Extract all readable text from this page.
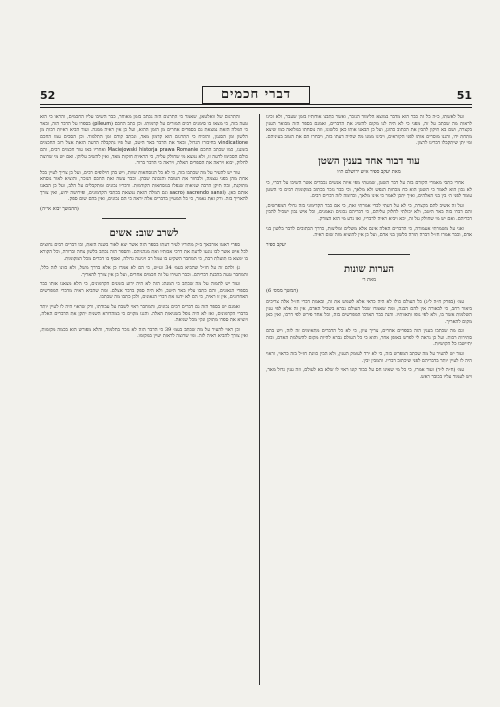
52	דברי חכמים	51

ועל לאשתו, כ״ה כל זה כבר הוא מדבר במוצא הלימוד הנזכר, ואשר כתבנו אודותיו בזמן שעבר, ולא זכינו לראות מה שכתב על זה, מפני כי לא היה לנו מקום להשיג את הדברים, ואמנם בספר הזה מבואר הענין בקצרה, ושם בא תיקון להבין את הכתוב כהוגן, ועל כן הבאנו אותו כאן כלשונו, וזה נוסחתו במלואה כמו שיצא מתחת ידו, והננו מוסרים אותו לפני הקוראים, ויבינו ממנו מה שהיה דעתו בזה, ויבחרו הם את הטוב בעיניהם. ומי יתן שיתקבלו דברינו לרצון.

עוד דבור אחד בענין השטן
מאת יעקב ספיר איש ירושלם ת״ו

אחרי כתבי מאמרי הקודם בזה על דבר השטן, שמעתי מפי איזה אנשים נכבדים אשר השיבו על דברי, כי לא נכון הוא לאמר כי השטן הוא כח מכחות הנפש ולא מלאך, וכי כבר נזכר בכתוב במקומות רבים כי השטן עומד לפני ה׳ בין בני האלהים, ואיך יתכן לאמר כי אינו מלאך, וכדומה לזה דברים רבים.

ועל זה אשיב להם בקצרה, כי לא על דעתי לבדי אמרתי זאת, כי אם כבר הקדימוני בזה גדולי המפרשים, והם דברו בזה באר היטב, ולא יכולתי לחלוק עליהם, כי דבריהם נכונים ונאמנים, וכל איש נבון ישכיל להבין דבריהם. ואם יש מי שחולק על זה, יבא ויביא ראיה לדבריו, ואז נדע מי הוא הצודק.

ואני על משמרתי אעמודה, כי הדברים האלה אינם אלא משלים ומליצות, כדרך הכתובים לדבר בלשון בני אדם, וכבר אמרו חז״ל דברה תורה כלשון בני אדם, ועל כן אין להוציא מזה שום ראיה.

יעקב ספיר
הערות שונות
מאת ר׳
(המשך ממס׳ 6)

עמ׳ (בפרק ח״ה ל״ג) כל העולם כולו לא היה כדאי אלא לשמש את זה, ובאמת דברי חז״ל אלה צריכים ביאור רחב, כי לכאורה אין להם הבנה, ומה שאמרו שכל העולם נברא בשביל האדם, אין זה אלא לפי ענין השלמות אשר בו, ולא לפי גופו ותאוותיו. והנה כבר הארכו המפרשים בזה, וכל אחד פירש לפי דרכו, ואין כאן מקום להאריך.

וגם מה שכתבו בענין הזה בספרים אחרים, צריך עיון, כי לא כל הדברים מתאימים זה לזה, ויש בהם סתירות רבות. ועל כן נראה לי לפרש באופן אחר, והוא כי כל העולם נברא להיות מקום להשלמת האדם, ובזה יתיישבו כל הקושיות.

ועוד יש להעיר על מה שכתב המפרש בזה, כי לא ירד לעומק הענין, ולא הבין כוונת חז״ל בזה כראוי, וראוי היה לו לעיין יותר בדבריהם לפני שיכתוב דבריו. והמבין יבין.

עמ׳ (ח״ה ל״ד) ועוד אמרו, כי כל מי שאינו חס על כבוד קונו ראוי לו שלא בא לעולם, וזה ענין גדול מאד, ויש לעמוד עליו בכובד ראש.

והתרגום של וואלטאן, שאמר כי התרגום הזה נכתב בזמן מאוחר, כבר השיבו עליו החכמים, והראו כי הוא טעה בזה, כי מצאו בו סימנים רבים המורים על קדמותו. וכן כתב החכם (pileum) בספרו על הדבר הזה, ובאר כי המלה הזאת נמצאת גם בספרים אחרים מן הזמן ההוא, ועל כן אין ראיה ממנה. ועוד הביא ראיות רבות מן הלשון ומן הסגנון, והוכיח כי התרגום הוא קדמון מאד, ונכתב קודם זמן התלמוד. וכן הסכים עמו החכם vindicatione בחיבורו הגדול, ובאר את הדבר באר היטב, ועל פיו נתקבלה הדעה הזאת אצל רוב החכמים בזמננו, כמו שכתב החכם Maciejowski historja prawa Romanie ואחריו באו עוד חכמים רבים, והם כולם הסכימו לדעה זו, ולא נמצא מי שחולק עליה, כי הראיות חזקות מאד, ואין להשיב עליהן. ואם יש מי שרוצה לחלוק, יבוא ויראה את הספרים האלה, ויראה כי הדבר ברור.

עוד יש להעיר על מה שכתבו בזה, כי לא כל הנוסחאות שוות, ויש בהן חילופים רבים, ועל כן צריך לעיין בכל אחת מהן בפני עצמה, ולבחור את הטובה והנכונה שבהן. וכבר עשה זאת החכם הנזכר, והוציא לאור נוסחא מתוקנת, ובה תיקן הרבה שגיאות שנפלו בנוסחאות הקודמות. ודבריו נכונים ומתקבלים על הלב, ועל כן הבאנו אותם כאן. (sacro) sacrendo sanxi וגם המלה הזאת נמצאת בכתבי הקדמונים, ופירושה ידוע, ואין צורך להאריך בזה. ורק זאת נאמר, כי כל המעיין בדברים אלה יראה כי הם נכונים, ואין בהם שום ספק.

(ההמשך יבוא אי״ה)
לשרב שוב: אשים

ספרי ראטו אורבאך ב״ק מהוריו לעיר דעתו בספר הזה אשר יצא לאור בשנה הזאת, ובו דברים רבים נחוצים לכל איש אשר לבו נוגעו לדעת את דרכי אבותיו ואת מנהגיהם. והספר הזה נכתב בלשון צחה וברורה, וכל הקורא בו ימצא בו תועלת רבה, כי המחבר השקיע בו עמל רב ויגיעה גדולה, ואסף בו דברים מכל המקומות.

ג) ולהם זה על חז״ל שהביא בעמ׳ 34 וע״ש, כי הם לא אמרו כן אלא בדרך משל, ולא כוונו לזה כלל, והמחבר טעה בהבנת דבריהם. וכבר העירו על זה חכמים אחרים, ועל כן אין צורך להאריך.

ועוד יש לתמוה על מה שכתב כי המנהג הזה לא היה ידוע בזמנים הקדמונים, כי הלא מצאנו אותו כבר בספרי הגאונים, והם כתבו עליו באר היטב, ולא היה ספק בדבר אצלם. ומה שהביא ראיה מדברי המפרשים האחרונים, אין זו ראיה, כי הם לא ידעו את דברי הגאונים, ולכן כתבו מה שכתבו.

ואמנם יש בספר הזה גם דברים רבים נכונים, והמחבר ראוי לשבח על עבודתו, ורק שראוי היה לו לעיין יותר בדברי הקדמונים, ואז לא היה נופל בשגיאות האלה. והננו מקוים כי במהדורא השנית יתקן את הדברים האלה, ויוציא את ספרו מתוקן ונקי מכל שגיאה.

וכן ראוי להעיר על מה שכתב בעמ׳ 39 כי הדבר הזה לא נזכר בתלמוד, והלא מפורש הוא בכמה מקומות, ואין צורך להביא ראיה לזה. ומי שרוצה לראות יעיין במקומו.
